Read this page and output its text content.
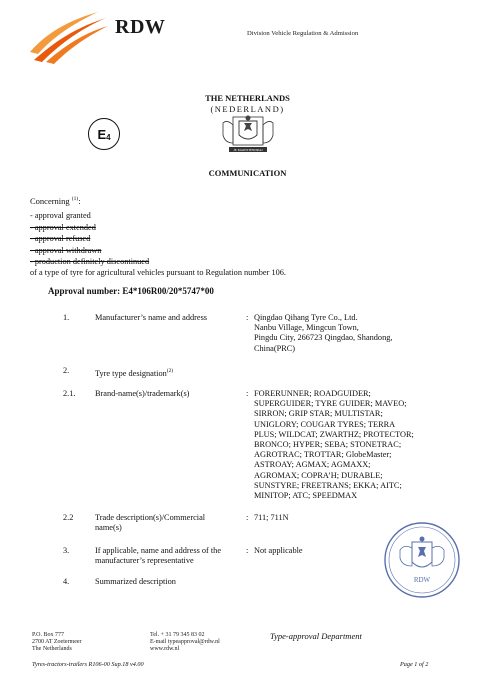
RDW	Division Vehicle Regulation & Admission
THE NETHERLANDS
(NEDERLAND)
$E_4$
JE MAINTIENDRAI
COMMUNICATION
Concerning $^{(1)}$:
- approval granted
- approval extended
- approval refused
- approval withdrawn
- production definitely discontinued
of a type of tyre for agricultural vehicles pursuant to Regulation number 106.
Approval number: E4*106R00/20*5747*00
1.	Manufacturer’s name and address	: Qingdao Qihang Tyre Co., Ltd.
Nanbu Village, Mingcun Town,
Pingdu City, 266723 Qingdao, Shandong,
China(PRC)
2.	Tyre type designation$^{(2)}$
2.1. Brand-name(s)/trademark(s)	: FORERUNNER; ROADGUIDER;
SUPERGUIDER; TYRE GUIDER; MAVEO;
SIRRON; GRIP STAR; MULTISTAR;
UNIGLORY; COUGAR TYRES; TERRA
PLUS; WILDCAT; ZWARTHZ; PROTECTOR;
BRONCO; HYPER; SEBA; STONETRAC;
AGROTRAC; TROTTAR; GlobeMaster;
ASTROAY; AGMAX; AGMAXX;
AGROMAX; COPRA’H; DURABLE;
SUNSTYRE; FREETRANS; EKKA; AITC;
MINITOP; ATC; SPEEDMAX
2.2	Trade description(s)/Commercial
name(s)
: 711; 711N
3.	If applicable, name and address of the
manufacturer’s representative
: Not applicable
4.	Summarized description	RDW
P.O. Box 777
2700 AT Zoetermeer
The Netherlands
Tel. + 31 79 345 83 02
E-mail typeapproval@rdw.nl
www.rdw.nl
Type-approval Department
Tyres-tractors-trailers R106-00 Sup.18 v4.00	Page 1 of 2
